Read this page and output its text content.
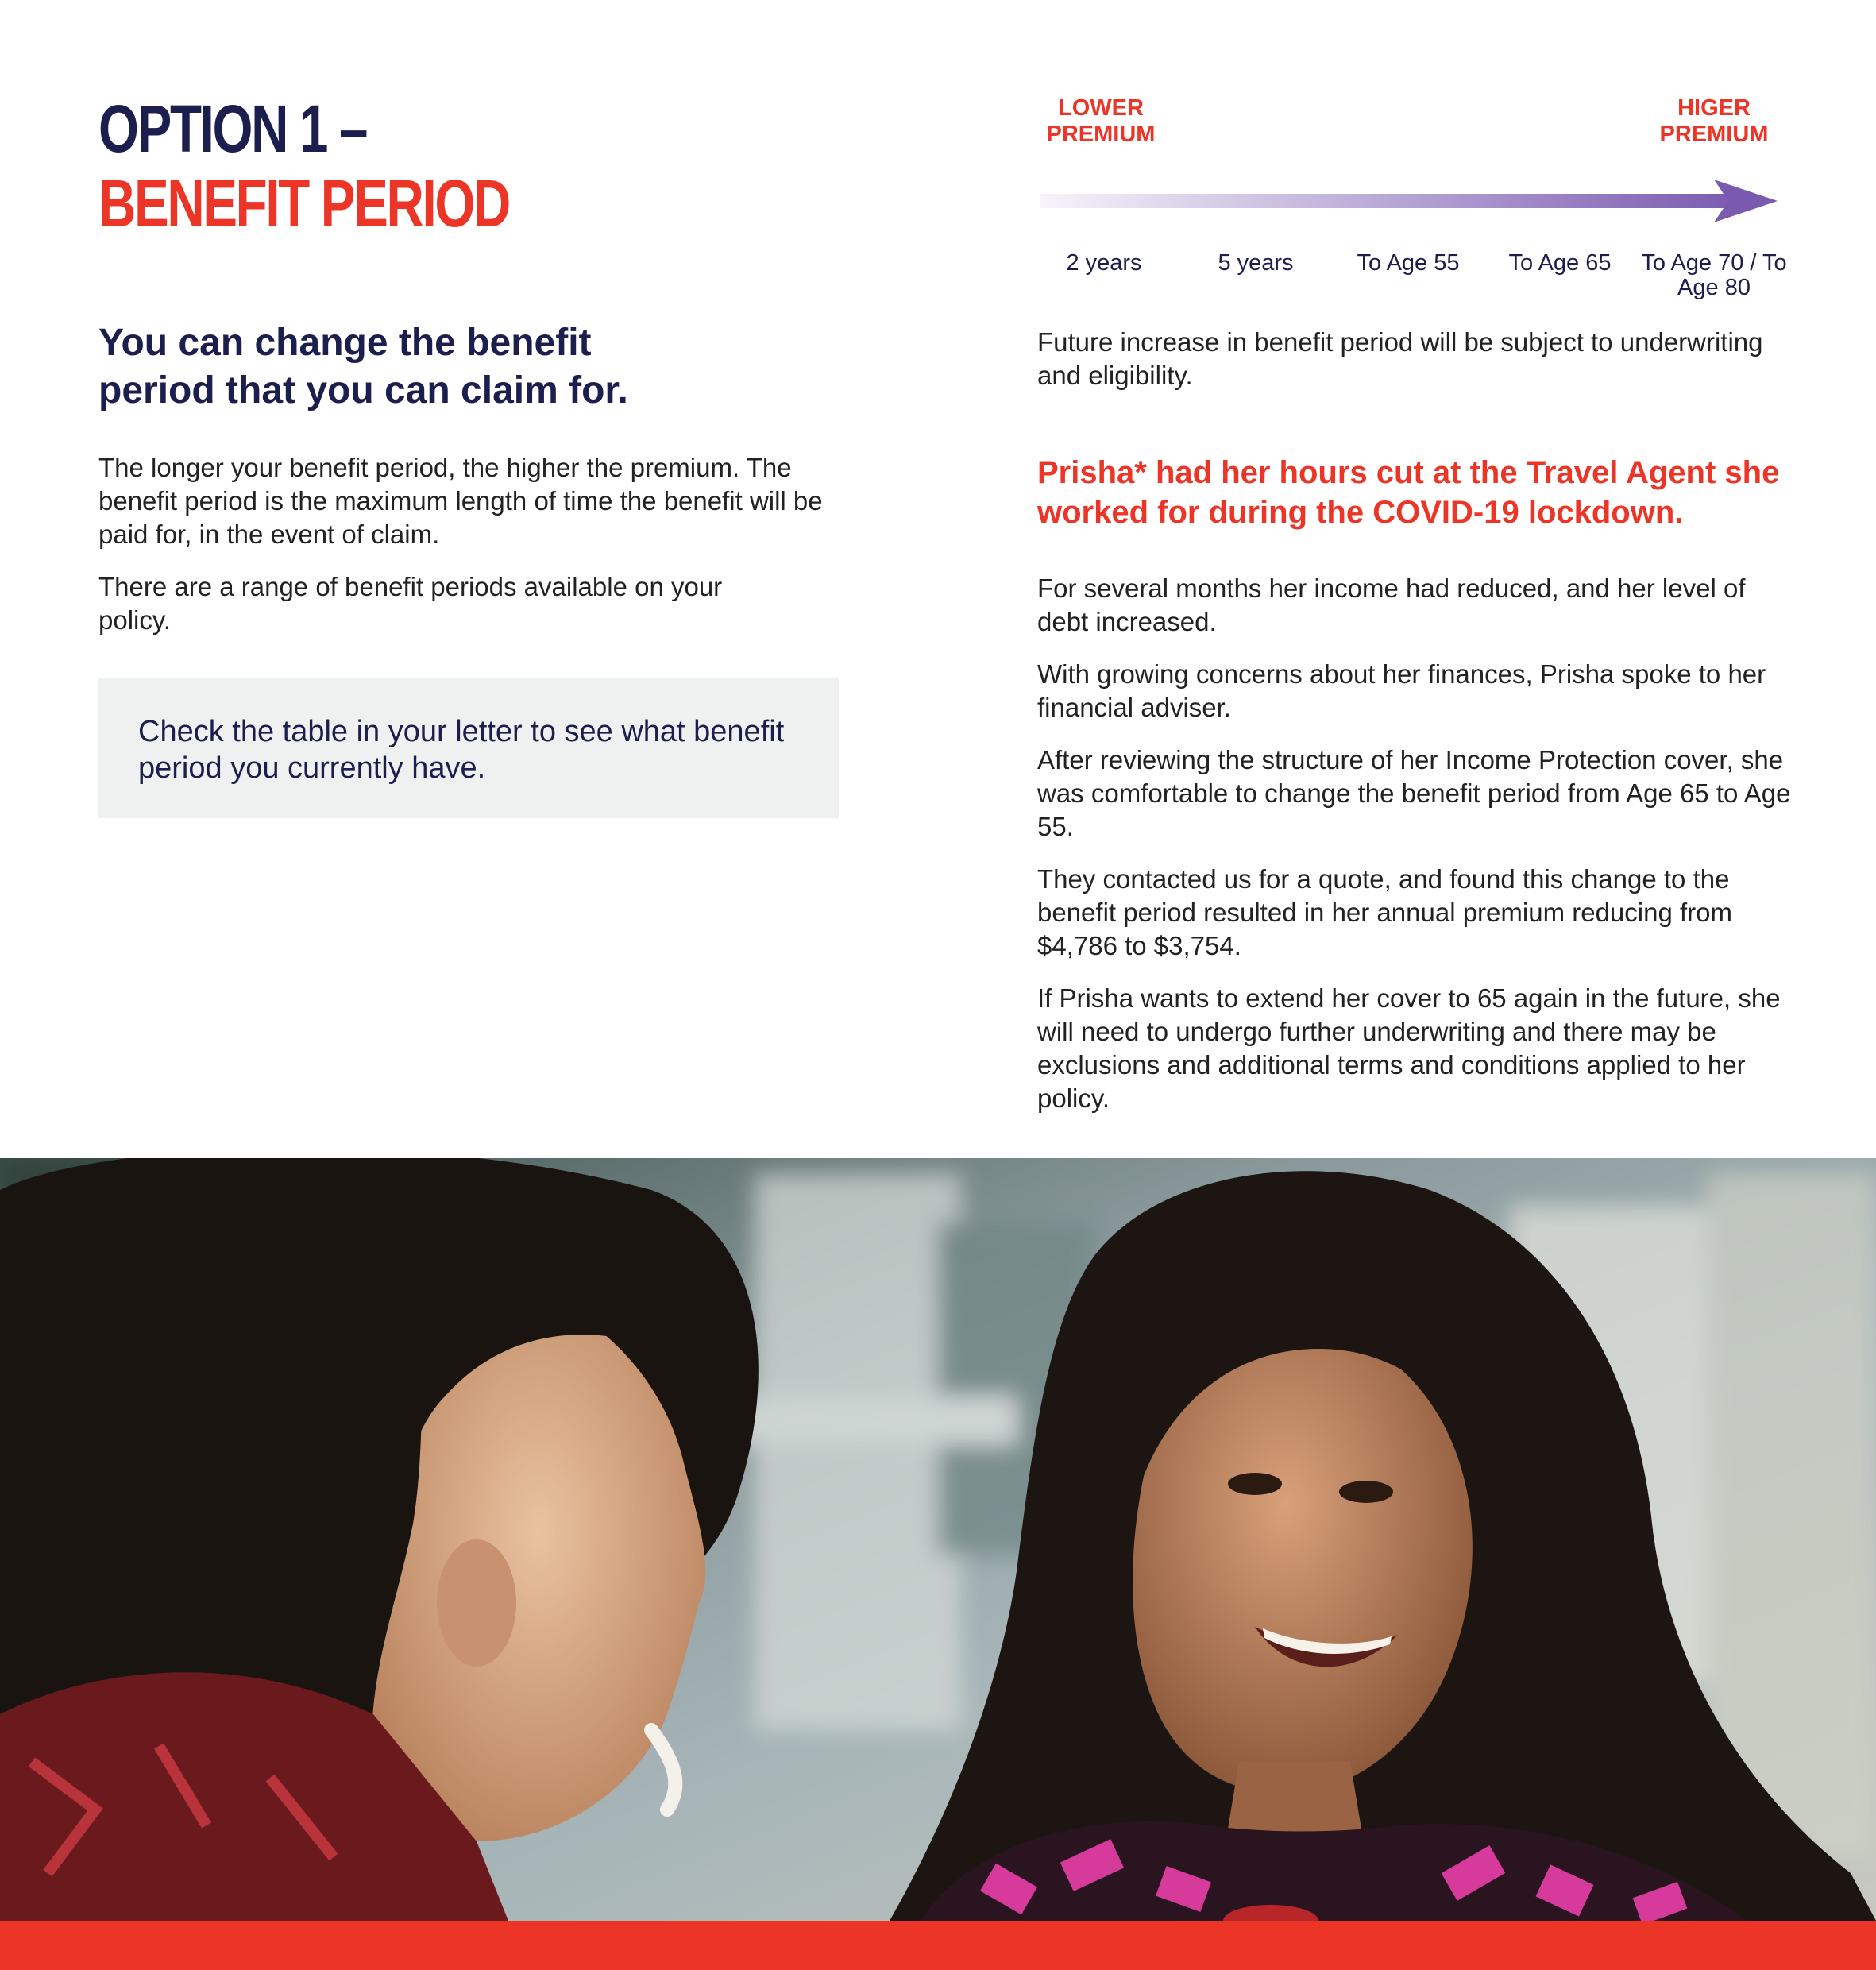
OPTION 1 –
BENEFIT PERIOD
You can change the benefit period that you can claim for.
The longer your benefit period, the higher the premium. The benefit period is the maximum length of time the benefit will be paid for, in the event of claim.
There are a range of benefit periods available on your policy.
Check the table in your letter to see what benefit period you currently have.
LOWER PREMIUM
HIGER PREMIUM
2 years	5 years	To Age 55	To Age 65	To Age 70 / To Age 80
Future increase in benefit period will be subject to underwriting and eligibility.
Prisha* had her hours cut at the Travel Agent she worked for during the COVID-19 lockdown.
For several months her income had reduced, and her level of debt increased.
With growing concerns about her finances, Prisha spoke to her financial adviser.
After reviewing the structure of her Income Protection cover, she was comfortable to change the benefit period from Age 65 to Age 55.
They contacted us for a quote, and found this change to the benefit period resulted in her annual premium reducing from $4,786 to $3,754.
If Prisha wants to extend her cover to 65 again in the future, she will need to undergo further underwriting and there may be exclusions and additional terms and conditions applied to her policy.
